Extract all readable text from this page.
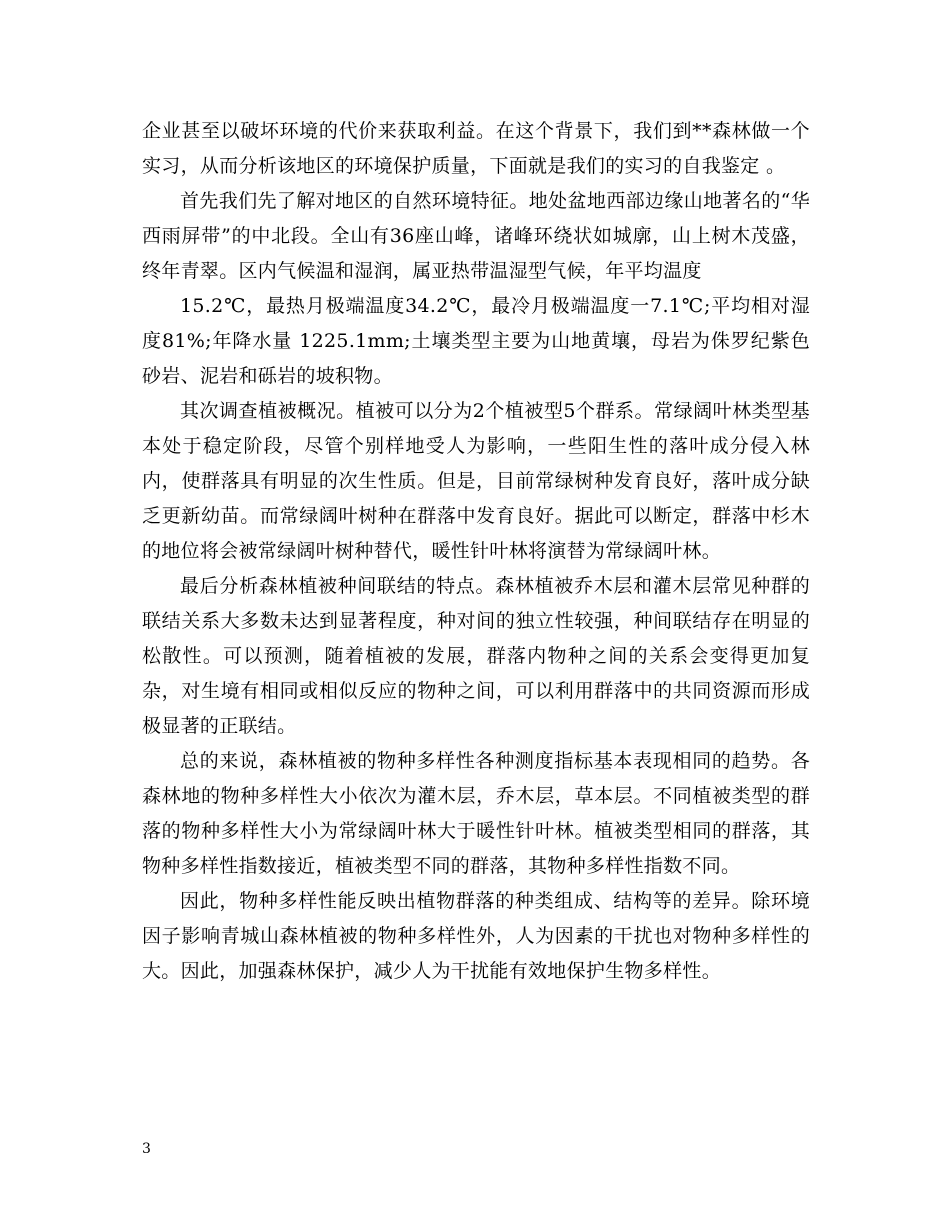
企业甚至以破坏环境的代价来获取利益。在这个背景下，我们到**森林做一个实习，从而分析该地区的环境保护质量，下面就是我们的实习的自我鉴定 。

首先我们先了解对地区的自然环境特征。地处盆地西部边缘山地著名的“华西雨屏带”的中北段。全山有36座山峰，诸峰环绕状如城廓，山上树木茂盛，终年青翠。区内气候温和湿润，属亚热带温湿型气候，年平均温度

15.2℃，最热月极端温度34.2℃，最冷月极端温度一7.1℃;平均相对湿度81%;年降水量 1225.1mm;土壤类型主要为山地黄壤，母岩为侏罗纪紫色砂岩、泥岩和砾岩的坡积物。

其次调查植被概况。植被可以分为2个植被型5个群系。常绿阔叶林类型基本处于稳定阶段，尽管个别样地受人为影响，一些阳生性的落叶成分侵入林内，使群落具有明显的次生性质。但是，目前常绿树种发育良好，落叶成分缺乏更新幼苗。而常绿阔叶树种在群落中发育良好。据此可以断定，群落中杉木的地位将会被常绿阔叶树种替代，暖性针叶林将演替为常绿阔叶林。

最后分析森林植被种间联结的特点。森林植被乔木层和灌木层常见种群的联结关系大多数未达到显著程度，种对间的独立性较强，种间联结存在明显的松散性。可以预测，随着植被的发展，群落内物种之间的关系会变得更加复杂，对生境有相同或相似反应的物种之间，可以利用群落中的共同资源而形成极显著的正联结。

总的来说，森林植被的物种多样性各种测度指标基本表现相同的趋势。各森林地的物种多样性大小依次为灌木层，乔木层，草本层。不同植被类型的群落的物种多样性大小为常绿阔叶林大于暖性针叶林。植被类型相同的群落，其物种多样性指数接近，植被类型不同的群落，其物种多样性指数不同。

因此，物种多样性能反映出植物群落的种类组成、结构等的差异。除环境因子影响青城山森林植被的物种多样性外，人为因素的干扰也对物种多样性的大。因此，加强森林保护，减少人为干扰能有效地保护生物多样性。

3
